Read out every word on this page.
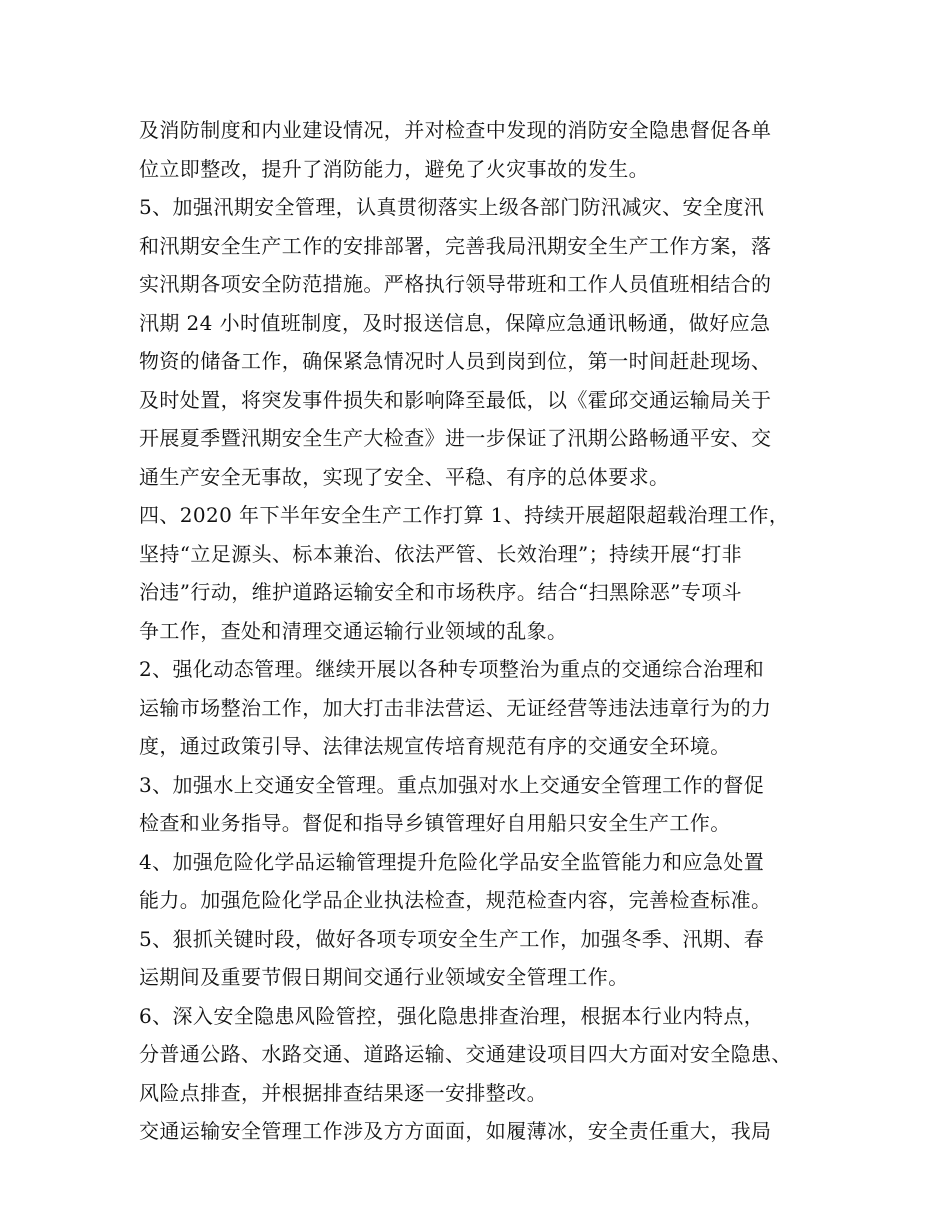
及消防制度和内业建设情况，并对检查中发现的消防安全隐患督促各单
位立即整改，提升了消防能力，避免了火灾事故的发生。
5、加强汛期安全管理，认真贯彻落实上级各部门防汛减灾、安全度汛
和汛期安全生产工作的安排部署，完善我局汛期安全生产工作方案，落
实汛期各项安全防范措施。严格执行领导带班和工作人员值班相结合的
汛期 24 小时值班制度，及时报送信息，保障应急通讯畅通，做好应急
物资的储备工作，确保紧急情况时人员到岗到位，第一时间赶赴现场、
及时处置，将突发事件损失和影响降至最低，以《霍邱交通运输局关于
开展夏季暨汛期安全生产大检查》进一步保证了汛期公路畅通平安、交
通生产安全无事故，实现了安全、平稳、有序的总体要求。
四、2020 年下半年安全生产工作打算 1、持续开展超限超载治理工作，
坚持“立足源头、标本兼治、依法严管、长效治理”；持续开展“打非
治违”行动，维护道路运输安全和市场秩序。结合“扫黑除恶”专项斗
争工作，查处和清理交通运输行业领域的乱象。
2、强化动态管理。继续开展以各种专项整治为重点的交通综合治理和
运输市场整治工作，加大打击非法营运、无证经营等违法违章行为的力
度，通过政策引导、法律法规宣传培育规范有序的交通安全环境。
3、加强水上交通安全管理。重点加强对水上交通安全管理工作的督促
检查和业务指导。督促和指导乡镇管理好自用船只安全生产工作。
4、加强危险化学品运输管理提升危险化学品安全监管能力和应急处置
能力。加强危险化学品企业执法检查，规范检查内容，完善检查标准。
5、狠抓关键时段，做好各项专项安全生产工作，加强冬季、汛期、春
运期间及重要节假日期间交通行业领域安全管理工作。
6、深入安全隐患风险管控，强化隐患排查治理，根据本行业内特点，
分普通公路、水路交通、道路运输、交通建设项目四大方面对安全隐患、
风险点排查，并根据排查结果逐一安排整改。
交通运输安全管理工作涉及方方面面，如履薄冰，安全责任重大，我局
